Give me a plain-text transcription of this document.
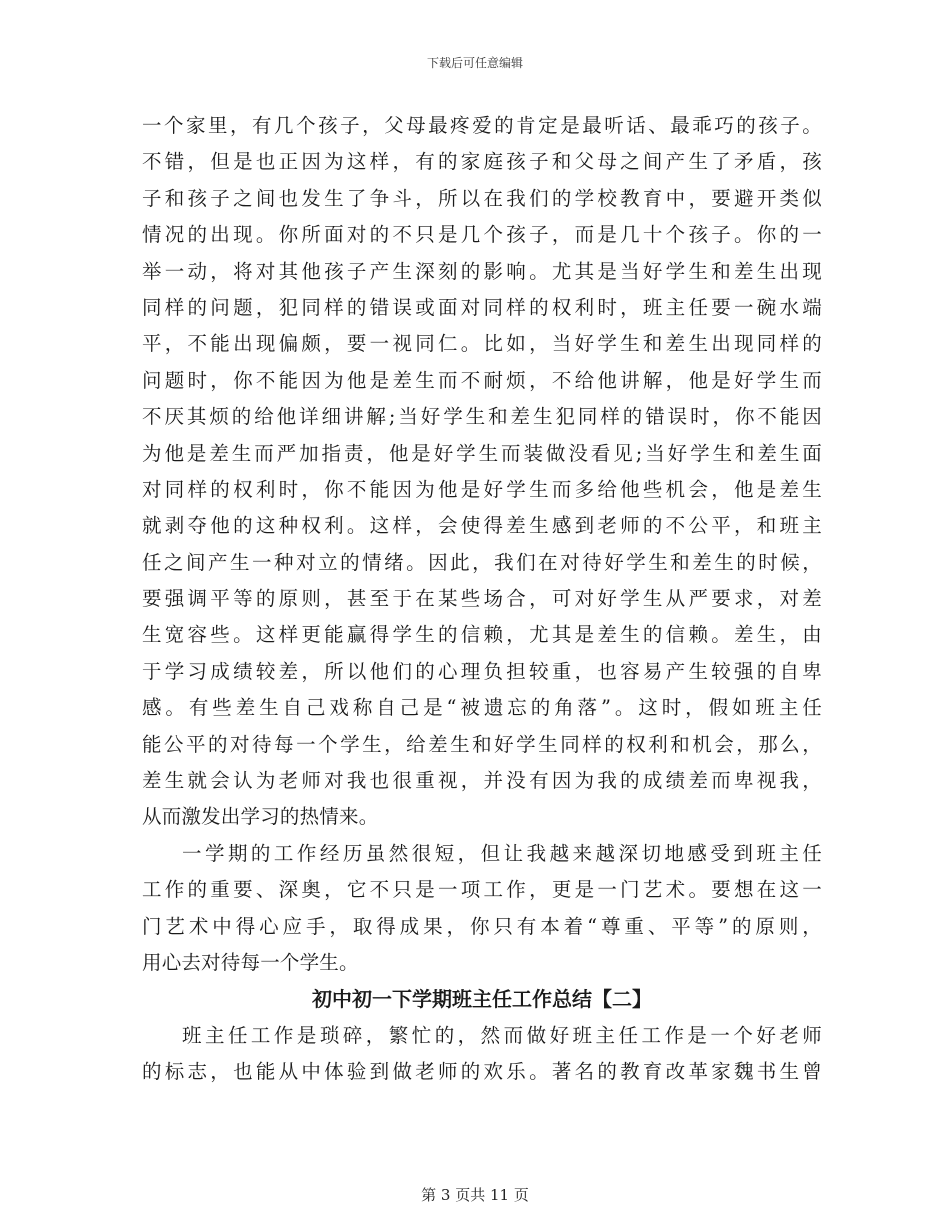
下载后可任意编辑
一个家里，有几个孩子，父母最疼爱的肯定是最听话、最乖巧的孩子。
不错，但是也正因为这样，有的家庭孩子和父母之间产生了矛盾，孩
子和孩子之间也发生了争斗，所以在我们的学校教育中，要避开类似
情况的出现。你所面对的不只是几个孩子，而是几十个孩子。你的一
举一动，将对其他孩子产生深刻的影响。尤其是当好学生和差生出现
同样的问题，犯同样的错误或面对同样的权利时，班主任要一碗水端
平，不能出现偏颇，要一视同仁。比如，当好学生和差生出现同样的
问题时，你不能因为他是差生而不耐烦，不给他讲解，他是好学生而
不厌其烦的给他详细讲解;当好学生和差生犯同样的错误时，你不能因
为他是差生而严加指责，他是好学生而装做没看见;当好学生和差生面
对同样的权利时，你不能因为他是好学生而多给他些机会，他是差生
就剥夺他的这种权利。这样，会使得差生感到老师的不公平，和班主
任之间产生一种对立的情绪。因此，我们在对待好学生和差生的时候，
要强调平等的原则，甚至于在某些场合，可对好学生从严要求，对差
生宽容些。这样更能赢得学生的信赖，尤其是差生的信赖。差生，由
于学习成绩较差，所以他们的心理负担较重，也容易产生较强的自卑
感。有些差生自己戏称自己是“被遗忘的角落”。这时，假如班主任
能公平的对待每一个学生，给差生和好学生同样的权利和机会，那么，
差生就会认为老师对我也很重视，并没有因为我的成绩差而卑视我，
从而激发出学习的热情来。
一学期的工作经历虽然很短，但让我越来越深切地感受到班主任
工作的重要、深奥，它不只是一项工作，更是一门艺术。要想在这一
门艺术中得心应手，取得成果，你只有本着“尊重、平等”的原则，
用心去对待每一个学生。
初中初一下学期班主任工作总结【二】
班主任工作是琐碎，繁忙的，然而做好班主任工作是一个好老师
的标志，也能从中体验到做老师的欢乐。著名的教育改革家魏书生曾
第 3 页共 11 页
